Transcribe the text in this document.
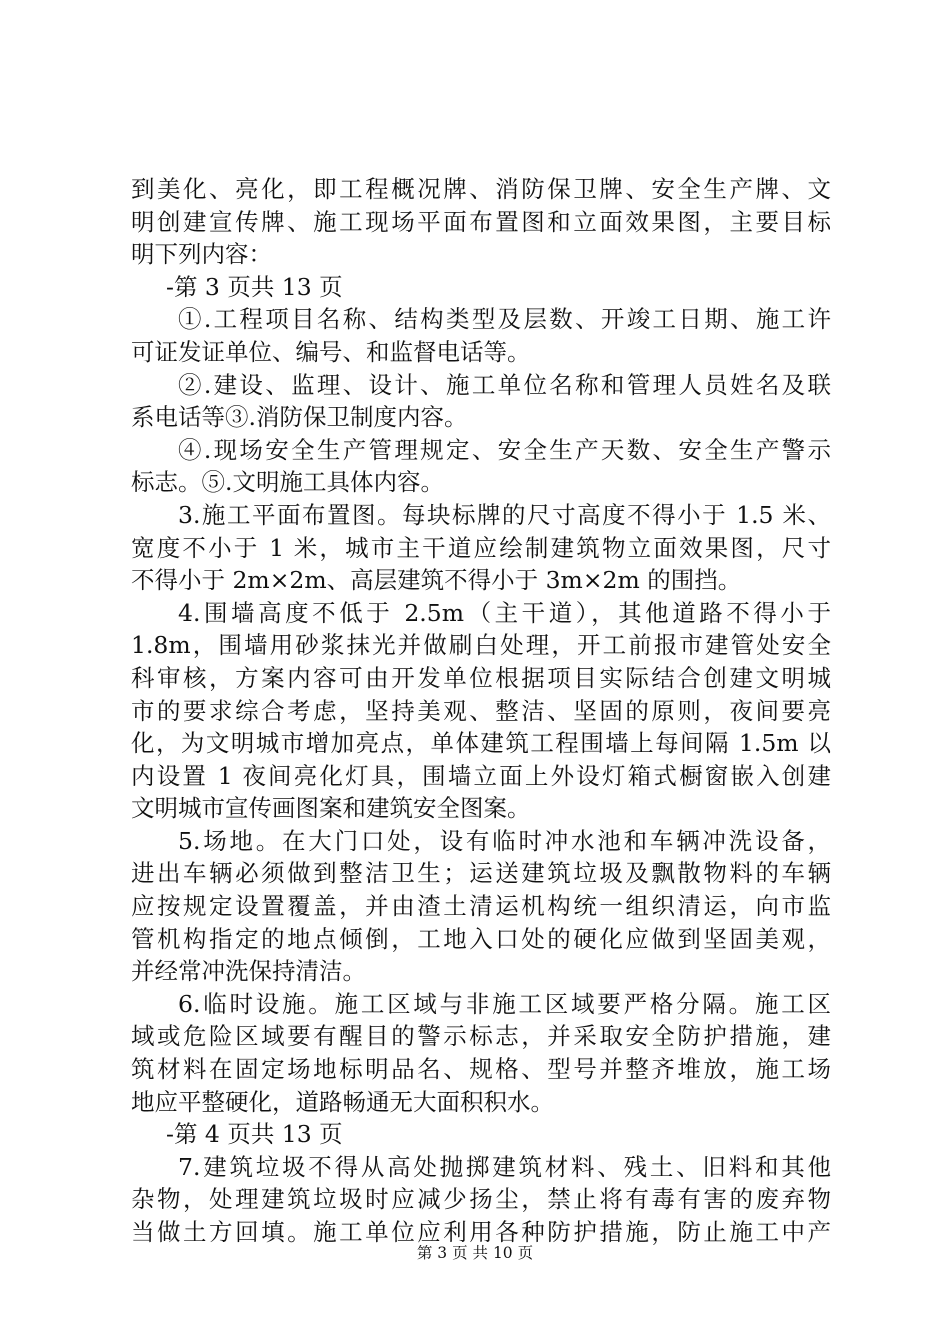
到美化、亮化，即工程概况牌、消防保卫牌、安全生产牌、文
明创建宣传牌、施工现场平面布置图和立面效果图，主要目标
明下列内容：
-第 3 页共 13 页
①.工程项目名称、结构类型及层数、开竣工日期、施工许
可证发证单位、编号、和监督电话等。
②.建设、监理、设计、施工单位名称和管理人员姓名及联
系电话等③.消防保卫制度内容。
④.现场安全生产管理规定、安全生产天数、安全生产警示
标志。⑤.文明施工具体内容。
3.施工平面布置图。每块标牌的尺寸高度不得小于 1.5 米、
宽度不小于 1 米，城市主干道应绘制建筑物立面效果图，尺寸
不得小于 2m×2m、高层建筑不得小于 3m×2m 的围挡。
4.围墙高度不低于 2.5m（主干道），其他道路不得小于
1.8m，围墙用砂浆抹光并做刷白处理，开工前报市建管处安全
科审核，方案内容可由开发单位根据项目实际结合创建文明城
市的要求综合考虑，坚持美观、整洁、坚固的原则，夜间要亮
化，为文明城市增加亮点，单体建筑工程围墙上每间隔 1.5m 以
内设置 1 夜间亮化灯具，围墙立面上外设灯箱式橱窗嵌入创建
文明城市宣传画图案和建筑安全图案。
5.场地。在大门口处，设有临时冲水池和车辆冲洗设备，
进出车辆必须做到整洁卫生；运送建筑垃圾及飘散物料的车辆
应按规定设置覆盖，并由渣土清运机构统一组织清运，向市监
管机构指定的地点倾倒，工地入口处的硬化应做到坚固美观，
并经常冲洗保持清洁。
6.临时设施。施工区域与非施工区域要严格分隔。施工区
域或危险区域要有醒目的警示标志，并采取安全防护措施，建
筑材料在固定场地标明品名、规格、型号并整齐堆放，施工场
地应平整硬化，道路畅通无大面积积水。
-第 4 页共 13 页
7.建筑垃圾不得从高处抛掷建筑材料、残土、旧料和其他
杂物，处理建筑垃圾时应减少扬尘，禁止将有毒有害的废弃物
当做土方回填。施工单位应利用各种防护措施，防止施工中产
第 3 页 共 10 页
